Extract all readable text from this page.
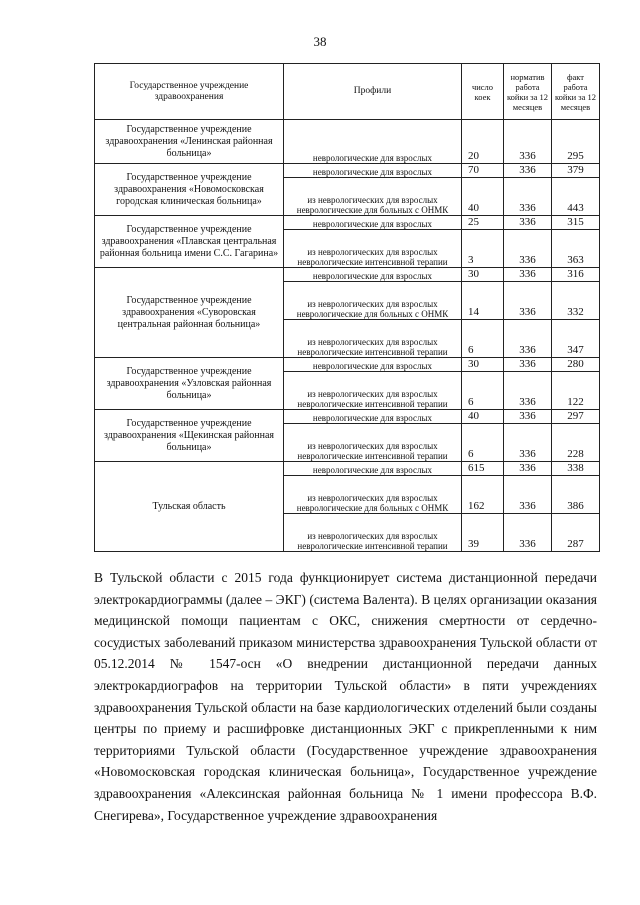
38
Государственное учреждение здравоохранения	Профили	число коек	норматив работа койки за 12 месяцев	факт работа койки за 12 месяцев
Государственное учреждение здравоохранения «Ленинская районная больница»	неврологические для взрослых	20	336	295
Государственное учреждение здравоохранения «Новомосковская городская клиническая больница»	неврологические для взрослых	70	336	379
	из неврологических для взрослых неврологические для больных с ОНМК	40	336	443
Государственное учреждение здравоохранения «Плавская центральная районная больница имени С.С. Гагарина»	неврологические для взрослых	25	336	315
	из неврологических для взрослых неврологические интенсивной терапии	3	336	363
Государственное учреждение здравоохранения «Суворовская центральная районная больница»	неврологические для взрослых	30	336	316
	из неврологических для взрослых неврологические для больных с ОНМК	14	336	332
	из неврологических для взрослых неврологические интенсивной терапии	6	336	347
Государственное учреждение здравоохранения «Узловская районная больница»	неврологические для взрослых	30	336	280
	из неврологических для взрослых неврологические интенсивной терапии	6	336	122
Государственное учреждение здравоохранения «Щекинская районная больница»	неврологические для взрослых	40	336	297
	из неврологических для взрослых неврологические интенсивной терапии	6	336	228
Тульская область	неврологические для взрослых	615	336	338
	из неврологических для взрослых неврологические для больных с ОНМК	162	336	386
	из неврологических для взрослых неврологические интенсивной терапии	39	336	287

В Тульской области с 2015 года функционирует система дистанционной передачи электрокардиограммы (далее – ЭКГ) (система Валента). В целях организации оказания медицинской помощи пациентам с ОКС, снижения смертности от сердечно-сосудистых заболеваний приказом министерства здравоохранения Тульской области от 05.12.2014 № 1547-осн «О внедрении дистанционной передачи данных электрокардиографов на территории Тульской области» в пяти учреждениях здравоохранения Тульской области на базе кардиологических отделений были созданы центры по приему и расшифровке дистанционных ЭКГ с прикрепленными к ним территориями Тульской области (Государственное учреждение здравоохранения «Новомосковская городская клиническая больница», Государственное учреждение здравоохранения «Алексинская районная больница № 1 имени профессора В.Ф. Снегирева», Государственное учреждение здравоохранения
